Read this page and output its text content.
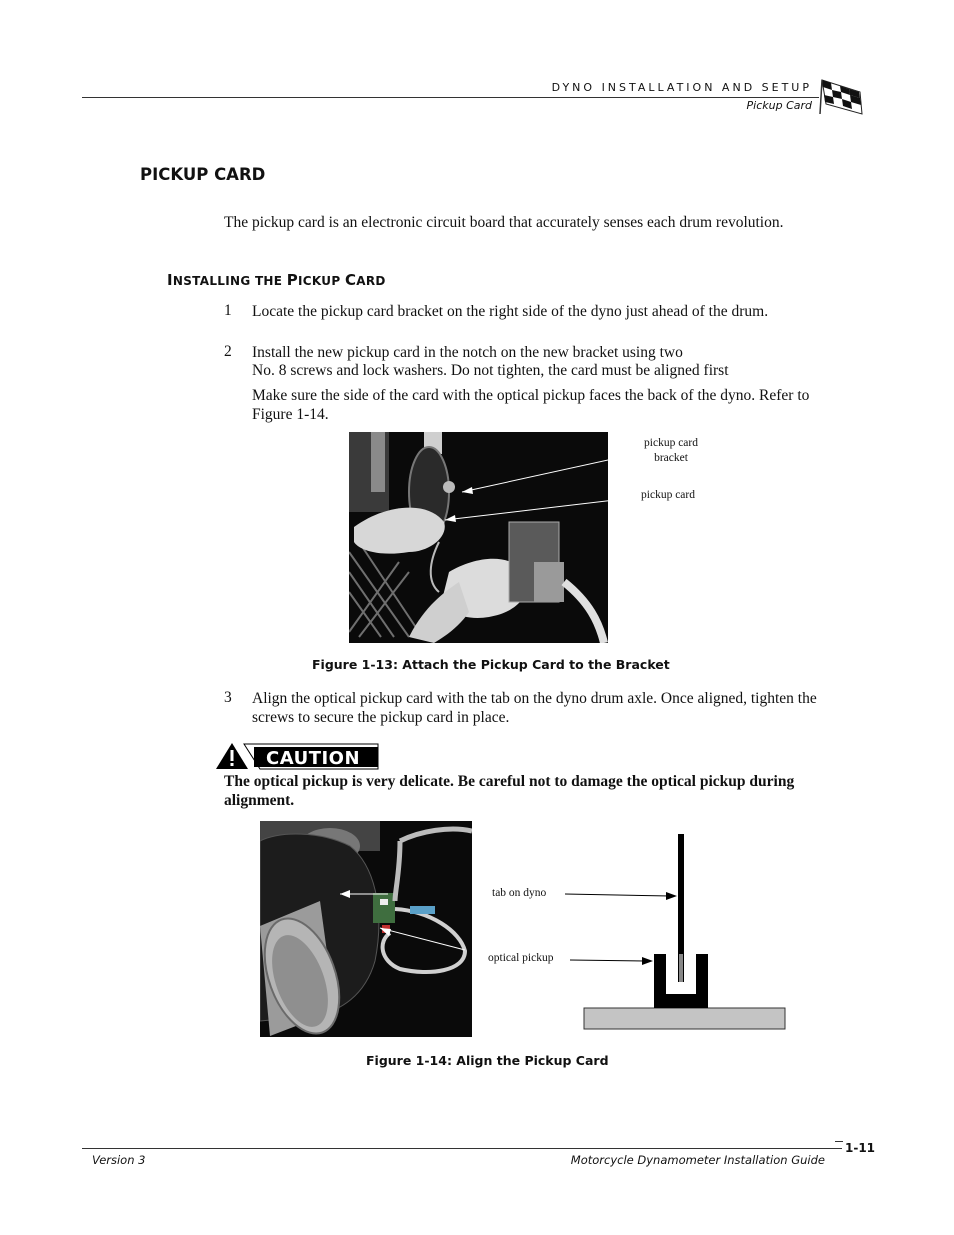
DYNO INSTALLATION AND SETUP
Pickup Card
PICKUP CARD
The pickup card is an electronic circuit board that accurately senses each drum revolution.
INSTALLING THE PICKUP CARD
1 Locate the pickup card bracket on the right side of the dyno just ahead of the drum.
2 Install the new pickup card in the notch on the new bracket using two
No. 8 screws and lock washers. Do not tighten, the card must be aligned first
Make sure the side of the card with the optical pickup faces the back of the dyno. Refer to Figure 1-14.
pickup card
bracket
pickup card
Figure 1-13: Attach the Pickup Card to the Bracket
3 Align the optical pickup card with the tab on the dyno drum axle. Once aligned, tighten the screws to secure the pickup card in place.
CAUTION
The optical pickup is very delicate. Be careful not to damage the optical pickup during alignment.
tab on dyno
optical pickup
Figure 1-14: Align the Pickup Card
Version 3	Motorcycle Dynamometer Installation Guide
1-11
